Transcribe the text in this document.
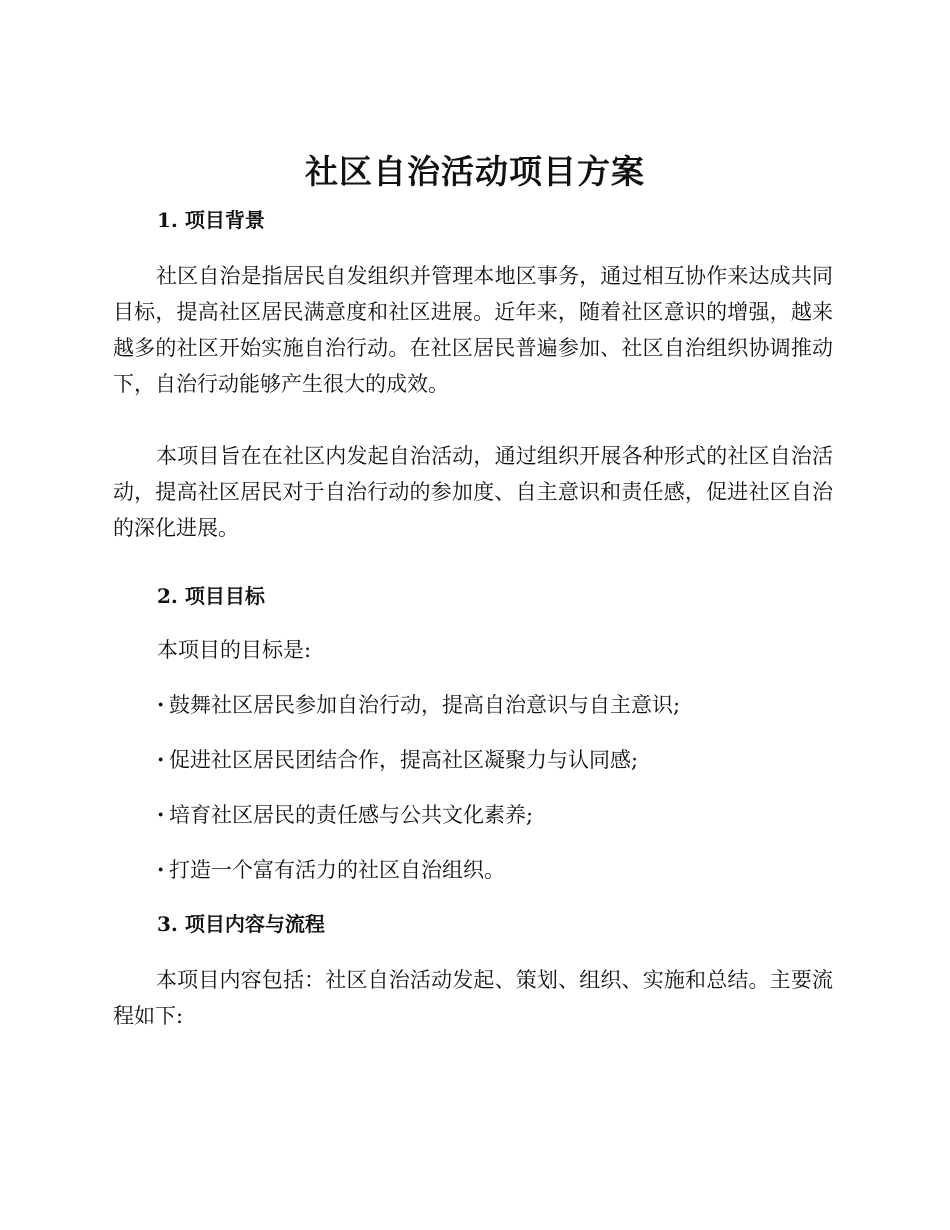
社区自治活动项目方案
1. 项目背景

社区自治是指居民自发组织并管理本地区事务，通过相互协作来达成共同目标，提高社区居民满意度和社区进展。近年来，随着社区意识的增强，越来越多的社区开始实施自治行动。在社区居民普遍参加、社区自治组织协调推动下，自治行动能够产生很大的成效。

本项目旨在在社区内发起自治活动，通过组织开展各种形式的社区自治活动，提高社区居民对于自治行动的参加度、自主意识和责任感，促进社区自治的深化进展。

2. 项目目标

本项目的目标是:

· 鼓舞社区居民参加自治行动，提高自治意识与自主意识;

· 促进社区居民团结合作，提高社区凝聚力与认同感;

· 培育社区居民的责任感与公共文化素养;

· 打造一个富有活力的社区自治组织。

3. 项目内容与流程

本项目内容包括：社区自治活动发起、策划、组织、实施和总结。主要流程如下:
